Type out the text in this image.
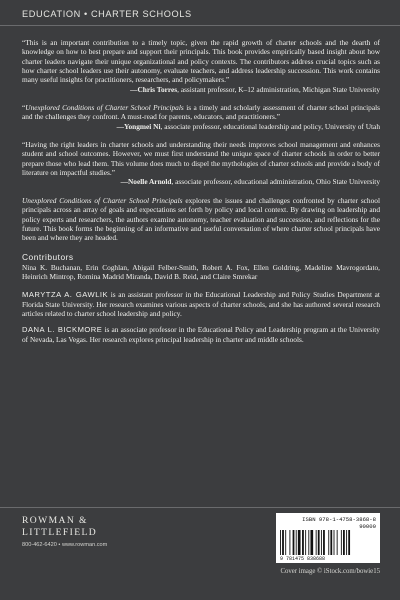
EDUCATION • CHARTER SCHOOLS

“This is an important contribution to a timely topic, given the rapid growth of charter schools and the dearth of knowledge on how to best prepare and support their principals. This book provides empirically based insight about how charter leaders navigate their unique organizational and policy contexts. The contributors address crucial topics such as how charter school leaders use their autonomy, evaluate teachers, and address leadership succession. This work contains many useful insights for practitioners, researchers, and policymakers.”

—Chris Torres, assistant professor, K–12 administration, Michigan State University

“Unexplored Conditions of Charter School Principals is a timely and scholarly assessment of charter school principals and the challenges they confront. A must-read for parents, educators, and practitioners.”

—Yongmei Ni, associate professor, educational leadership and policy, University of Utah

“Having the right leaders in charter schools and understanding their needs improves school management and enhances student and school outcomes. However, we must first understand the unique space of charter schools in order to better prepare those who lead them. This volume does much to dispel the mythologies of charter schools and provide a body of literature on impactful studies.”

—Noelle Arnold, associate professor, educational administration, Ohio State University

Unexplored Conditions of Charter School Principals explores the issues and challenges confronted by charter school principals across an array of goals and expectations set forth by policy and local context. By drawing on leadership and policy experts and researchers, the authors examine autonomy, teacher evaluation and succession, and reflections for the future. This book forms the beginning of an informative and useful conversation of where charter school principals have been and where they are headed.

Contributors

Nina K. Buchanan, Erin Coghlan, Abigail Felber-Smith, Robert A. Fox, Ellen Goldring, Madeline Mavrogordato, Heinrich Mintrop, Romina Madrid Miranda, David B. Reid, and Claire Smrekar

MARYTZA A. GAWLIK is an assistant professor in the Educational Leadership and Policy Studies Department at Florida State University. Her research examines various aspects of charter schools, and she has authored several research articles related to charter school leadership and policy.

DANA L. BICKMORE is an associate professor in the Educational Policy and Leadership program at the University of Nevada, Las Vegas. Her research explores principal leadership in charter and middle schools.

ROWMAN &

LITTLEFIELD

800-462-6420 • www.rowman.com

ISBN 978-1-4758-3868-8

90000

9 781475 838688
Cover image © iStock.com/bowie15
